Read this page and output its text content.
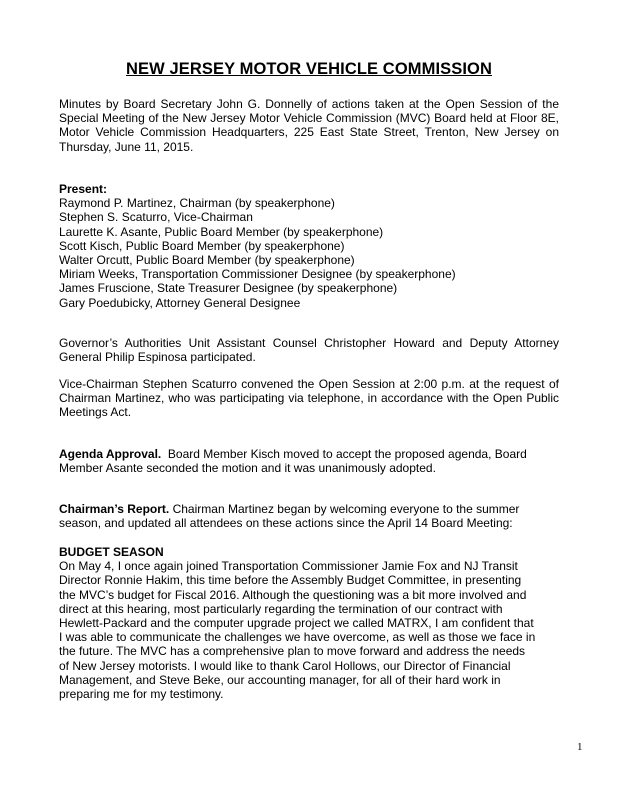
NEW JERSEY MOTOR VEHICLE COMMISSION
Minutes by Board Secretary John G. Donnelly of actions taken at the Open Session of the Special Meeting of the New Jersey Motor Vehicle Commission (MVC) Board held at Floor 8E, Motor Vehicle Commission Headquarters, 225 East State Street, Trenton, New Jersey on Thursday, June 11, 2015.
Present:
Raymond P. Martinez, Chairman (by speakerphone)
Stephen S. Scaturro, Vice-Chairman
Laurette K. Asante, Public Board Member (by speakerphone)
Scott Kisch, Public Board Member (by speakerphone)
Walter Orcutt, Public Board Member (by speakerphone)
Miriam Weeks, Transportation Commissioner Designee (by speakerphone)
James Fruscione, State Treasurer Designee (by speakerphone)
Gary Poedubicky, Attorney General Designee
Governor’s Authorities Unit Assistant Counsel Christopher Howard and Deputy Attorney General Philip Espinosa participated.
Vice-Chairman Stephen Scaturro convened the Open Session at 2:00 p.m. at the request of Chairman Martinez, who was participating via telephone, in accordance with the Open Public Meetings Act.
Agenda Approval. Board Member Kisch moved to accept the proposed agenda, Board Member Asante seconded the motion and it was unanimously adopted.
Chairman’s Report. Chairman Martinez began by welcoming everyone to the summer season, and updated all attendees on these actions since the April 14 Board Meeting:
BUDGET SEASON
On May 4, I once again joined Transportation Commissioner Jamie Fox and NJ Transit
Director Ronnie Hakim, this time before the Assembly Budget Committee, in presenting
the MVC’s budget for Fiscal 2016. Although the questioning was a bit more involved and
direct at this hearing, most particularly regarding the termination of our contract with
Hewlett-Packard and the computer upgrade project we called MATRX, I am confident that
I was able to communicate the challenges we have overcome, as well as those we face in
the future. The MVC has a comprehensive plan to move forward and address the needs
of New Jersey motorists. I would like to thank Carol Hollows, our Director of Financial
Management, and Steve Beke, our accounting manager, for all of their hard work in
preparing me for my testimony.
1
